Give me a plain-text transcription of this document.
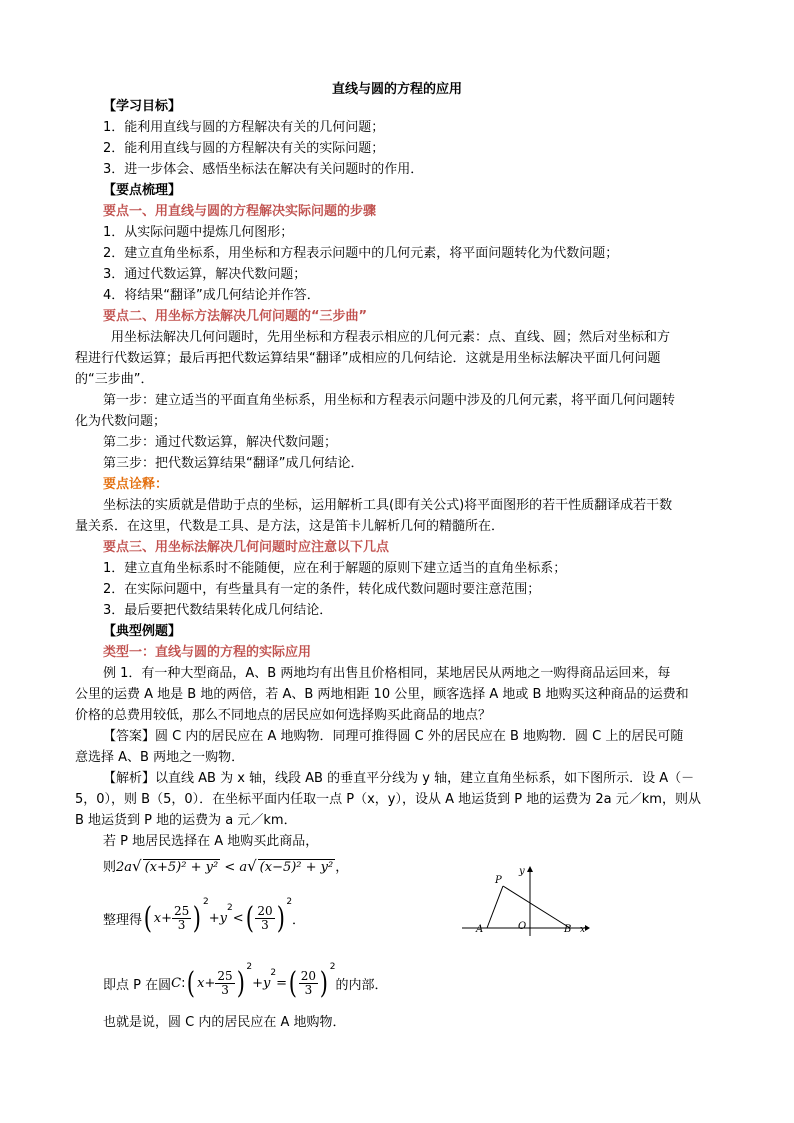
直线与圆的方程的应用
【学习目标】
1．能利用直线与圆的方程解决有关的几何问题；
2．能利用直线与圆的方程解决有关的实际问题；
3．进一步体会、感悟坐标法在解决有关问题时的作用．
【要点梳理】
要点一、用直线与圆的方程解决实际问题的步骤
1．从实际问题中提炼几何图形；
2．建立直角坐标系，用坐标和方程表示问题中的几何元素，将平面问题转化为代数问题；
3．通过代数运算，解决代数问题；
4．将结果“翻译”成几何结论并作答．
要点二、用坐标方法解决几何问题的“三步曲”
用坐标法解决几何问题时，先用坐标和方程表示相应的几何元素：点、直线、圆；然后对坐标和方
程进行代数运算；最后再把代数运算结果“翻译”成相应的几何结论．这就是用坐标法解决平面几何问题
的“三步曲”．
第一步：建立适当的平面直角坐标系，用坐标和方程表示问题中涉及的几何元素，将平面几何问题转
化为代数问题；
第二步：通过代数运算，解决代数问题；
第三步：把代数运算结果“翻译”成几何结论．
要点诠释：
坐标法的实质就是借助于点的坐标，运用解析工具(即有关公式)将平面图形的若干性质翻译成若干数
量关系．在这里，代数是工具、是方法，这是笛卡儿解析几何的精髓所在．
要点三、用坐标法解决几何问题时应注意以下几点
1．建立直角坐标系时不能随便，应在利于解题的原则下建立适当的直角坐标系；
2．在实际问题中，有些量具有一定的条件，转化成代数问题时要注意范围；
3．最后要把代数结果转化成几何结论．
【典型例题】
类型一：直线与圆的方程的实际应用
例 1．有一种大型商品，A、B 两地均有出售且价格相同，某地居民从两地之一购得商品运回来，每
公里的运费 A 地是 B 地的两倍，若 A、B 两地相距 10 公里，顾客选择 A 地或 B 地购买这种商品的运费和
价格的总费用较低，那么不同地点的居民应如何选择购买此商品的地点？
【答案】圆 C 内的居民应在 A 地购物．同理可推得圆 C 外的居民应在 B 地购物．圆 C 上的居民可随
意选择 A、B 两地之一购物．
【解析】以直线 AB 为 x 轴，线段 AB 的垂直平分线为 y 轴，建立直角坐标系，如下图所示．设 A（－
5，0），则 B（5，0）．在坐标平面内任取一点 P（x，y），设从 A 地运货到 P 地的运费为 2a 元／km，则从
B 地运货到 P 地的运费为 a 元／km．
若 P 地居民选择在 A 地购买此商品，
则2a√ (x+5)² + y² < a√ (x−5)² + y² ，
整理得( $x+ \frac{25}{3}$ ) $^2+y^2<( \frac{20}{3}$ ) $^2$．
即点 P 在圆C:( $x+ \frac{25}{3}$ ) $^2+y^2=( \frac{20}{3}$ ) $^2$的内部．
也就是说，圆 C 内的居民应在 A 地购物．
P
y
A	O	B x
